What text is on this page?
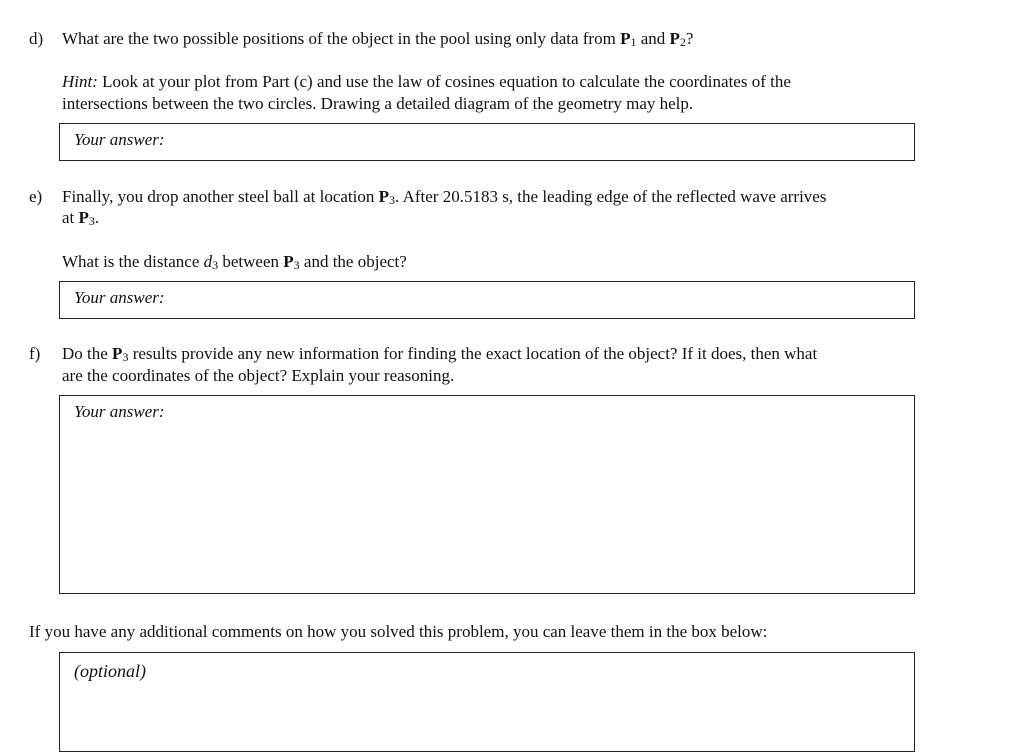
d) What are the two possible positions of the object in the pool using only data from $P_1$ and $P_2$?
Hint: Look at your plot from Part (c) and use the law of cosines equation to calculate the coordinates of the
intersections between the two circles. Drawing a detailed diagram of the geometry may help.
Your answer:
e) Finally, you drop another steel ball at location $P_3$. After 20.5183 s, the leading edge of the reflected wave arrives
at $P_3$.
What is the distance $d_3$ between $P_3$ and the object?
Your answer:
f) Do the $P_3$ results provide any new information for finding the exact location of the object? If it does, then what
are the coordinates of the object? Explain your reasoning.
Your answer:
If you have any additional comments on how you solved this problem, you can leave them in the box below:
(optional)
